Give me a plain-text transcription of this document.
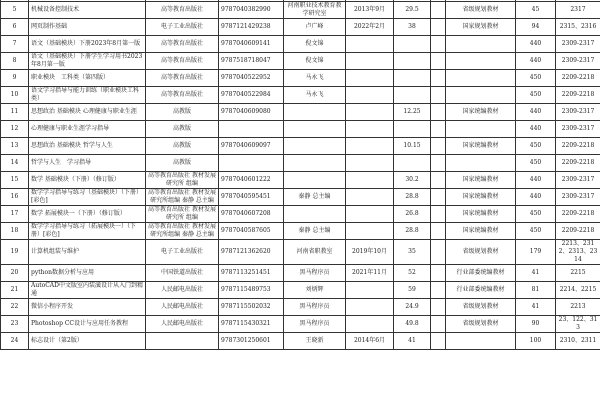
5	机械设备控制技术	高等教育出版社	9787040382990	河南职业技术教育教学研究室	2013年9月	29.5		省级规划教材	45	2317
6	网页制作基础	电子工业出版社	9787121429238	卢广峰	2022年2月	38		国家规划教材	94	2315、2316
7	语文（基础模块）下册2023年8月第一版	高等教育出版社	9787040609141	倪文锦					440	2309-2317
8	语文（基础模块）下册学生学习用书2023年8月第一版	高等教育出版社	9787518718047	倪文锦					440	2309-2317
9	职业模块　工科类（第四版）	高等教育出版社	9787040522952	马永飞					450	2209-2218
10	语文学习指导与能力训练（职业模块工科类）	高等教育出版社	9787040522984	马永飞					450	2209-2218
11	思想政治 基础模块 心理健康与职业生涯	高教版	9787040609080			12.25		国家统编教材	440	2309-2317
12	心理健康与职业生涯学习指导	高教版							440	2309-2317
13	思想政治 基础模块 哲学与人生	高教版	9787040609097			10.15		国家统编教材	450	2209-2218
14	哲学与人生　学习指导	高教版							450	2209-2218
15	数学 基础模块（下册）（修订版）	高等教育出版社 教材发展研究所 组编	9787040601222			30.2		国家统编教材	440	2309-2317
16	数学学习指导与练习（基础模块）（下册）[彩色]	高等教育出版社 教材发展研究所组编 秦静 总主编	9787040595451	秦静 总主编		28.8		国家统编教材	440	2309-2317
17	数学 拓展模块一（下册）（修订版）	高等教育出版社 教材发展研究所 组编	9787040607208			26.8		国家统编教材	450	2209-2218
18	数学学习指导与练习（拓展模块一）（下册）[彩色]	高等教育出版社 教材发展研究所组编 秦静 总主编	9787040587605	秦静 总主编		28.8		国家统编教材	450	2209-2218
19	计算机组装与维护	电子工业出版社	9787121362620	河南省职教室	2019年10月	35		省级规划教材	179	2213、2312、2313、2314
20	python数据分析与应用	中国铁道出版社	9787113251451	黑马程序员	2021年11月	52		行业部委统编教材	41	2215
21	AutoCAD中文版室内装潢设计从入门到精通	人民邮电出版社	9787115489753	刘炳辉		59		行业部委统编教材	81	2214、2215
22	微信小程序开发	人民邮电出版社	9787115502032	黑马程序员		24.9		省级规划教材	41	2213
23	Photoshop CC设计与应用任务教程	人民邮电出版社	9787115430321	黑马程序员		49.8		省级规划教材	90	23、122、313
24	标志设计（第2版）		9787301250601	王晓新	2014年6月	41			100	2310、2311
